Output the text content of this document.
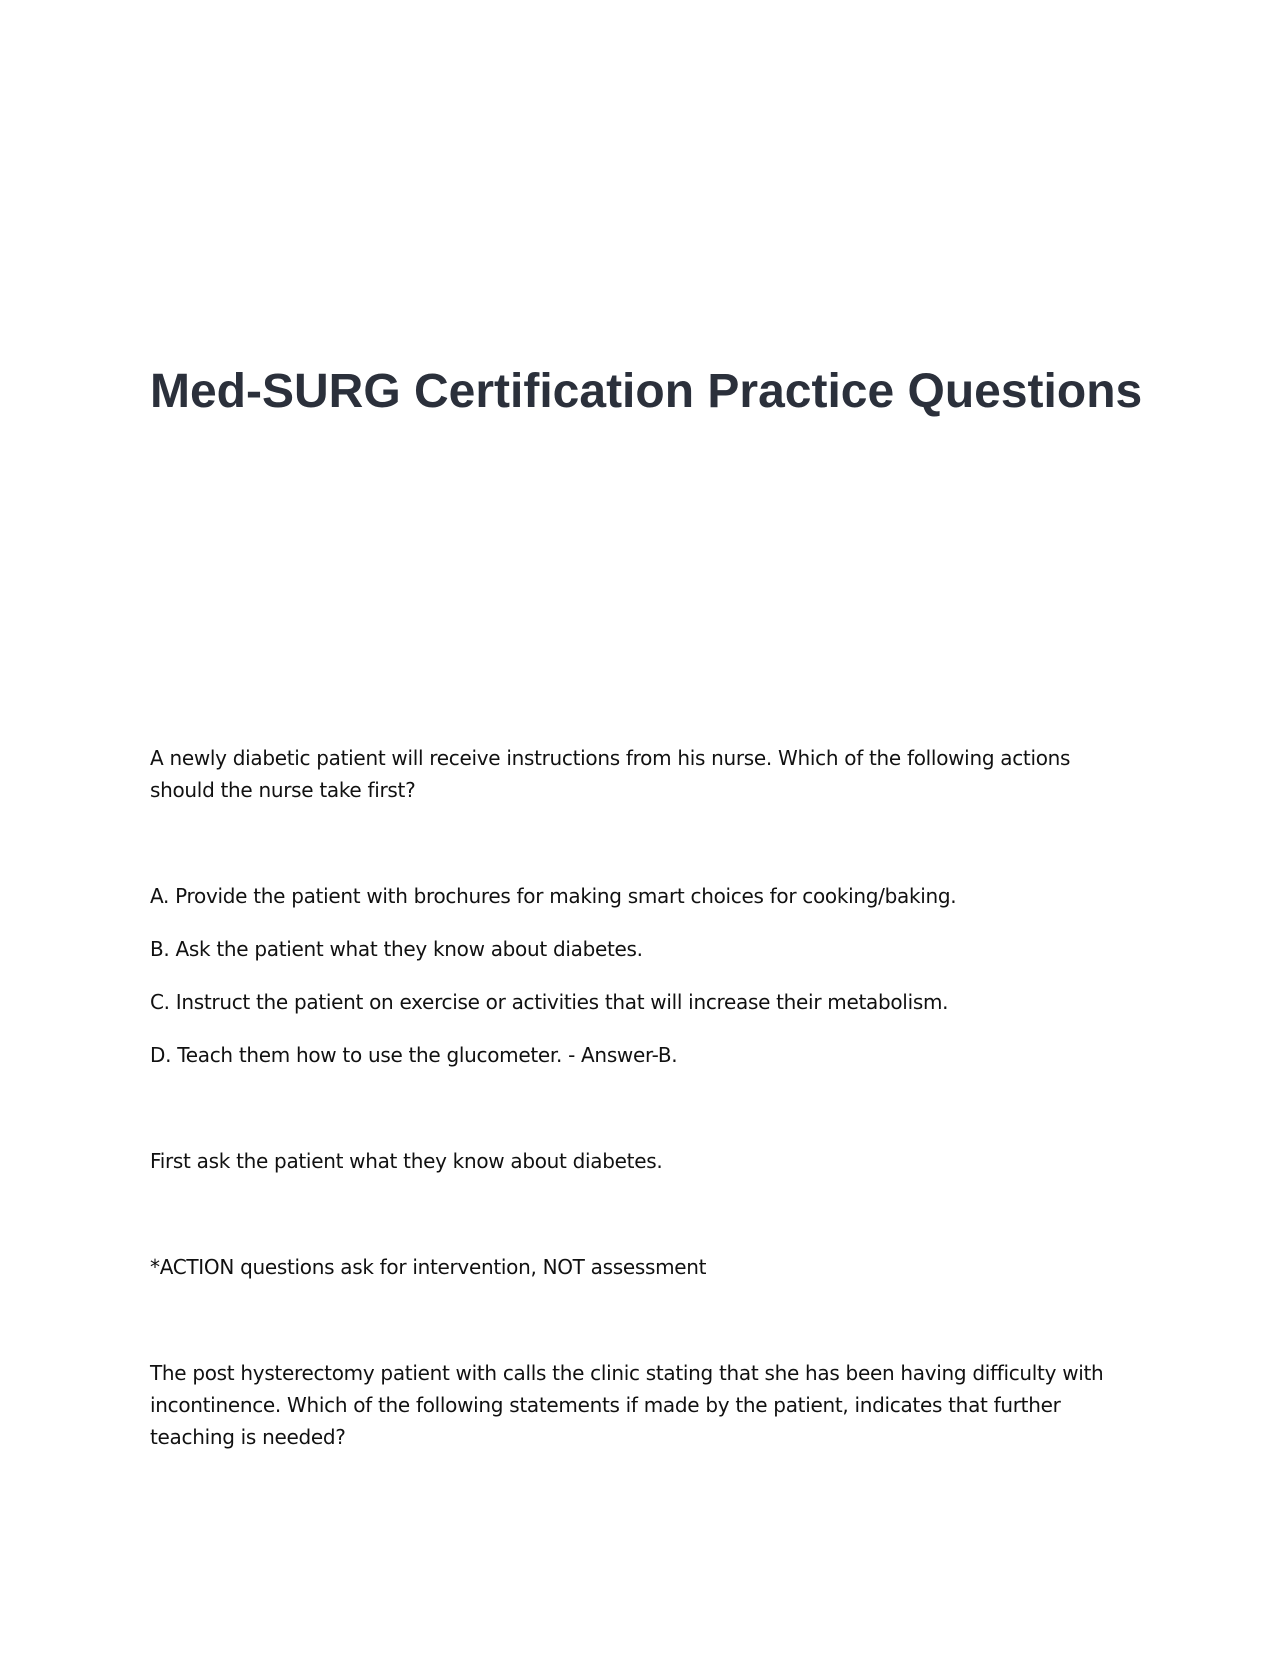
Med-SURG Certification Practice Questions

A newly diabetic patient will receive instructions from his nurse. Which of the following actions should the nurse take first?

A. Provide the patient with brochures for making smart choices for cooking/baking.

B. Ask the patient what they know about diabetes.

C. Instruct the patient on exercise or activities that will increase their metabolism.

D. Teach them how to use the glucometer. - Answer-B.

First ask the patient what they know about diabetes.

*ACTION questions ask for intervention, NOT assessment

The post hysterectomy patient with calls the clinic stating that she has been having difficulty with incontinence. Which of the following statements if made by the patient, indicates that further teaching is needed?
